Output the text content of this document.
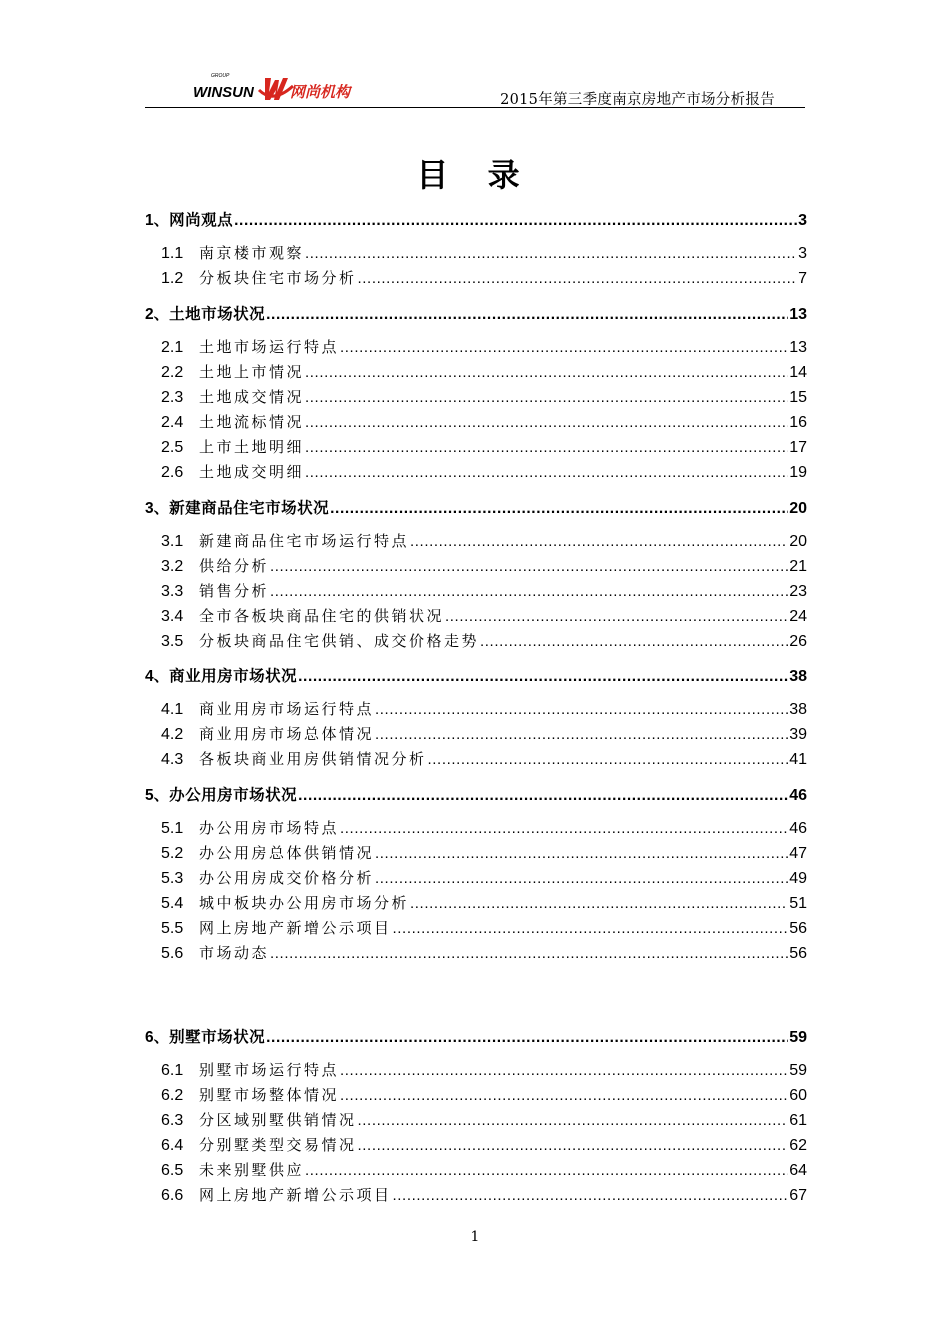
GROUP
WINSUN 网尚机构	2015年第三季度南京房地产市场分析报告
目 录
1、 网尚观点 .....	3
1.1	南京楼市观察 .....	3
1.2	分板块住宅市场分析 .....	7
2、 土地市场状况 .....	13
2.1	土地市场运行特点 .....	13
2.2	土地上市情况 .....	14
2.3	土地成交情况 .....	15
2.4	土地流标情况 .....	16
2.5	上市土地明细 .....	17
2.6	土地成交明细 .....	19
3、 新建商品住宅市场状况 .....	20
3.1	新建商品住宅市场运行特点 .....	20
3.2	供给分析 .....	21
3.3	销售分析 .....	23
3.4	全市各板块商品住宅的供销状况 .....	24
3.5	分板块商品住宅供销、成交价格走势 .....	26
4、 商业用房市场状况 .....	38
4.1	商业用房市场运行特点 .....	38
4.2	商业用房市场总体情况 .....	39
4.3	各板块商业用房供销情况分析 .....	41
5、 办公用房市场状况 .....	46
5.1	办公用房市场特点 .....	46
5.2	办公用房总体供销情况 .....	47
5.3	办公用房成交价格分析 .....	49
5.4	城中板块办公用房市场分析 .....	51
5.5	网上房地产新增公示项目 .....	56
5.6	市场动态 .....	56
6、 别墅市场状况 .....	59
6.1	别墅市场运行特点 .....	59
6.2	别墅市场整体情况 .....	60
6.3	分区域别墅供销情况 .....	61
6.4	分别墅类型交易情况 .....	62
6.5	未来别墅供应 .....	64
6.6	网上房地产新增公示项目 .....	67
1
